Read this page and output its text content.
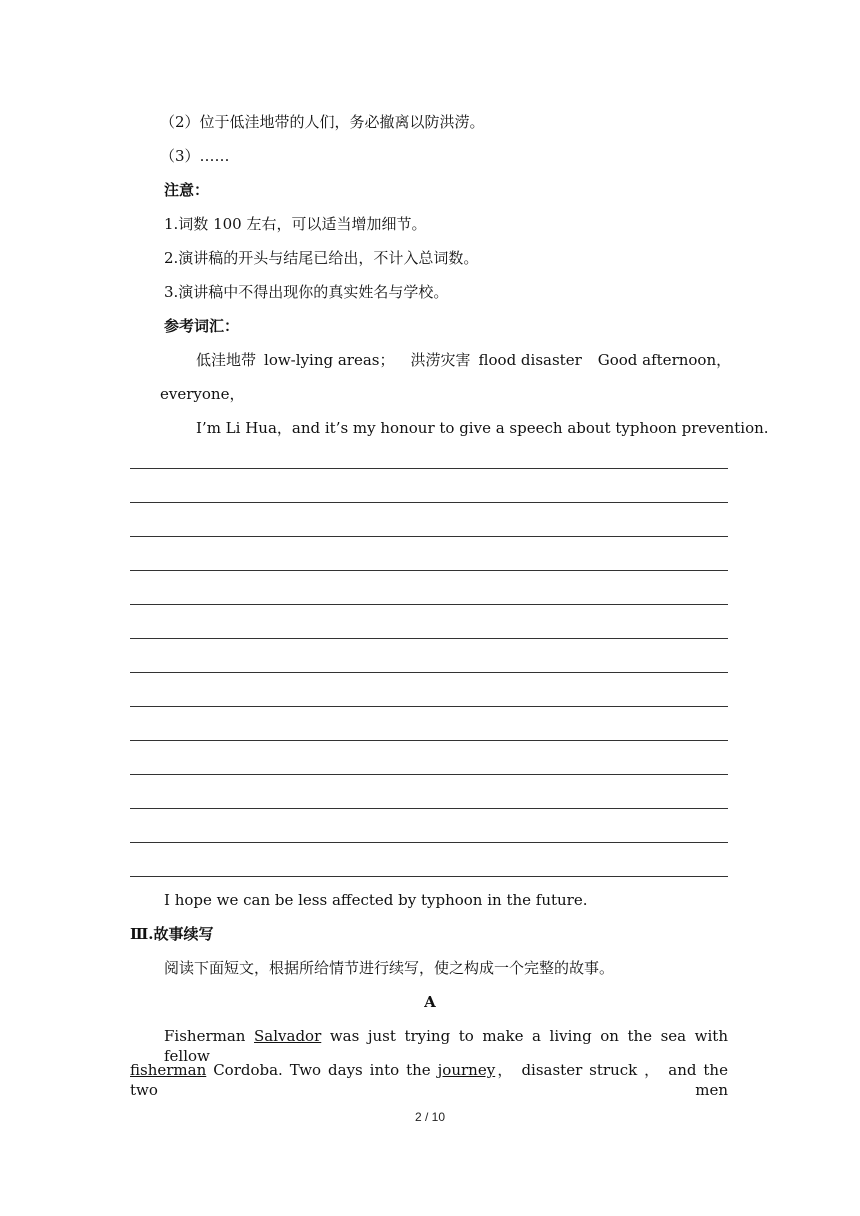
（2）位于低洼地带的人们，务必撤离以防洪涝。
（3）……
注意：
1.词数 100 左右，可以适当增加细节。
2.演讲稿的开头与结尾已给出，不计入总词数。
3.演讲稿中不得出现你的真实姓名与学校。
参考词汇：
低洼地带 low-lying areas； 洪涝灾害 flood disaster Good afternoon，
everyone，
I’m Li Hua，and it’s my honour to give a speech about typhoon prevention.
I hope we can be less affected by typhoon in the future.
Ⅲ.故事续写
阅读下面短文，根据所给情节进行续写，使之构成一个完整的故事。
A
Fisherman Salvador was just trying to make a living on the sea with fellow
fisherman Cordoba. Two days into the journey， disaster struck ， and the two men
2 / 10
